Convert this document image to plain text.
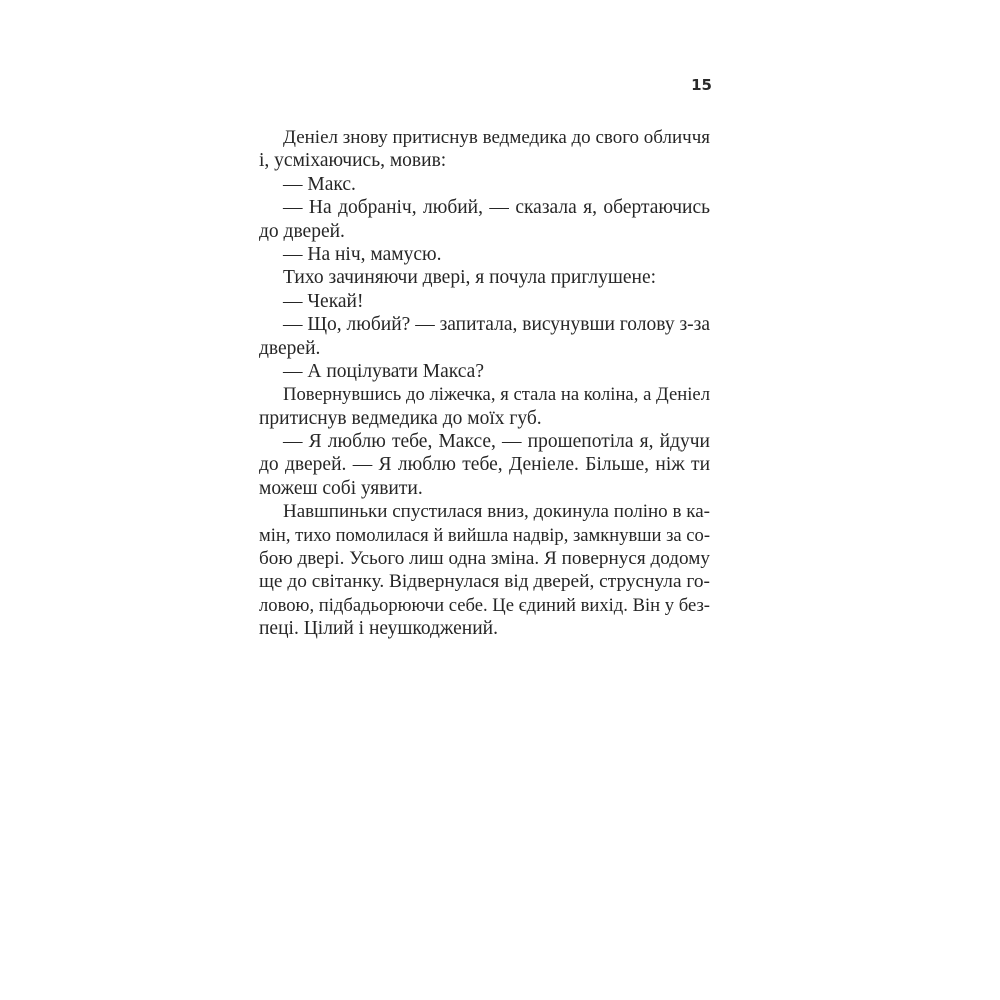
15
Деніел знову притиснув ведмедика до свого обличчя
і, усміхаючись, мовив:
— Макс.
— На добраніч, любий, — сказала я, обертаючись
до дверей.
— На ніч, мамусю.
Тихо зачиняючи двері, я почула приглушене:
— Чекай!
— Що, любий? — запитала, висунувши голову з-за
дверей.
— А поцілувати Макса?
Повернувшись до ліжечка, я стала на коліна, а Деніел
притиснув ведмедика до моїх губ.
— Я люблю тебе, Максе, — прошепотіла я, йдучи
до дверей. — Я люблю тебе, Деніеле. Більше, ніж ти
можеш собі уявити.
Навшпиньки спустилася вниз, докинула поліно в ка-
мін, тихо помолилася й вийшла надвір, замкнувши за со-
бою двері. Усього лиш одна зміна. Я повернуся додому
ще до світанку. Відвернулася від дверей, струснула го-
ловою, підбадьорюючи себе. Це єдиний вихід. Він у без-
пеці. Цілий і неушкоджений.
